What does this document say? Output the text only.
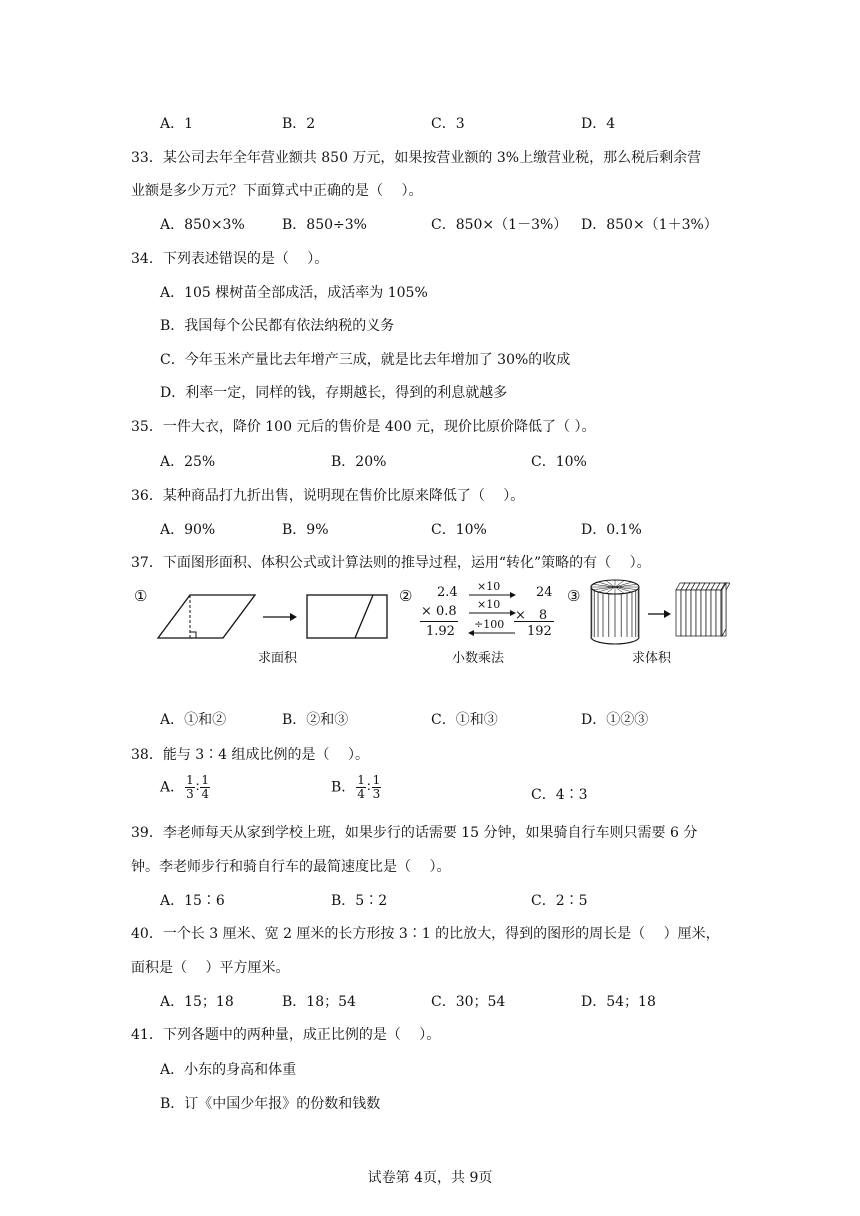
A．1	B．2	C．3	D．4
33．某公司去年全年营业额共 850 万元，如果按营业额的 3%上缴营业税，那么税后剩余营
业额是多少万元？下面算式中正确的是（　 ）。
A．850×3%	B．850÷3%	C．850×（1－3%） D．850×（1＋3%）
34．下列表述错误的是（　 ）。
A．105 棵树苗全部成活，成活率为 105%
B．我国每个公民都有依法纳税的义务
C．今年玉米产量比去年增产三成，就是比去年增加了 30%的收成
D．利率一定，同样的钱，存期越长，得到的利息就越多
35．一件大衣，降价 100 元后的售价是 400 元，现价比原价降低了（ ）。
A．25%	B．20%	C．10%
36．某种商品打九折出售，说明现在售价比原来降低了（　 ）。
A．90%	B．9%	C．10%	D．0.1%
37．下面图形面积、体积公式或计算法则的推导过程，运用“转化”策略的有（　 ）。
①
求面积
② 2.4
× 0.8
1.92
×10
×10
÷100
24
×　8
192
小数乘法
③
求体积
A．①和②	B．②和③	C．①和③	D．①②③
38．能与 3∶4 组成比例的是（　 ）。
A． $\frac{1}{3}$ ∶ $\frac{1}{4}$	B． $\frac{1}{4}$ ∶ $\frac{1}{3}$	C．4∶3
39．李老师每天从家到学校上班，如果步行的话需要 15 分钟，如果骑自行车则只需要 6 分
钟。李老师步行和骑自行车的最简速度比是（　 ）。
A．15∶6	B．5∶2	C．2∶5
40．一个长 3 厘米、宽 2 厘米的长方形按 3∶1 的比放大，得到的图形的周长是（　 ）厘米，
面积是（　 ）平方厘米。
A．15；18	B．18；54	C．30；54	D．54；18
41．下列各题中的两种量，成正比例的是（　 ）。
A．小东的身高和体重
B．订《中国少年报》的份数和钱数
试卷第 4页，共 9页
